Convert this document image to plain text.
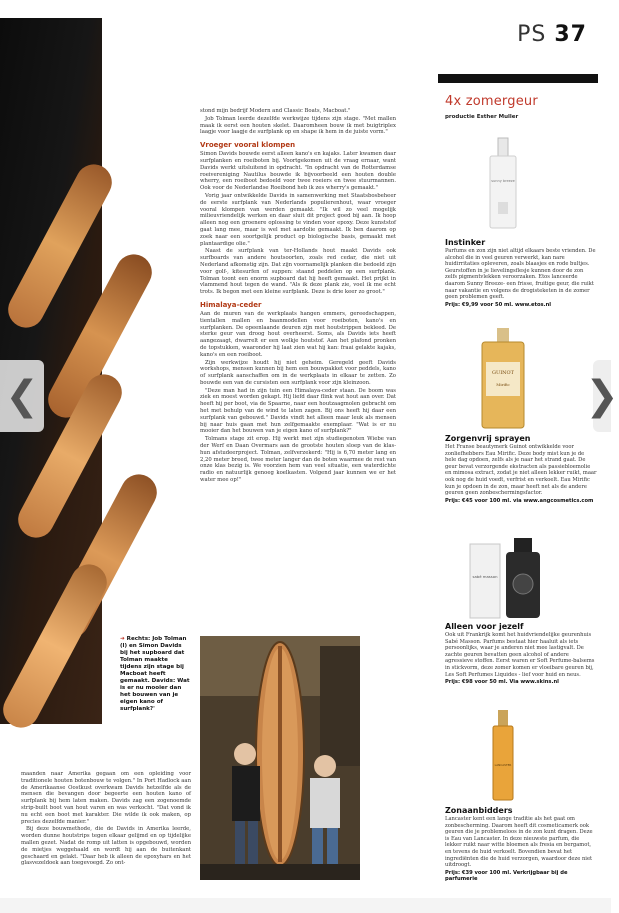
PS 37

stond mijn bedrijf Modern and Classic Boats, Macboat."

Job Tolman leerde dezelfde werkwijze tijdens zijn stage. "Met mallen maak ik eerst een houten skelet. Daaromheen bouw ik met buigtriplex laagje voor laagje de surfplank op en shape ik hem in de juiste vorm."

Vroeger vooral klompen

Simon Davids bouwde eerst alleen kano's en kajaks. Later kwamen daar surfplanken en roeiboten bij. Voortgekomen uit de vraag ernaar, want Davids werkt uitsluitend in opdracht. "In opdracht van de Rotterdamse roeivereniging Nautilus bouwde ik bijvoorbeeld een houten double wherry, een roeiboot bedoeld voor twee roeiers en twee stuurmannen. Ook voor de Nederlandse Roeibond heb ik zes wherry's gemaakt."

Vorig jaar ontwikkelde Davids in samenwerking met Staatsbosbeheer de eerste surfplank van Nederlands populierenhout, waar vroeger vooral klompen van werden gemaakt. "Ik wil zo veel mogelijk milieuvriendelijk werken en daar sluit dit project goed bij aan. Ik hoop alleen nog een groenere oplossing te vinden voor epoxy. Deze kunststof gaat lang mee, maar is wel met aardolie gemaakt. Ik ben daarom op zoek naar een soortgelijk product op biologische basis, gemaakt met plantaardige olie."

Naast de surfplank van ter-Hollands hout maakt Davids ook surfboards van andere houtsoorten, zoals red cedar, die niet uit Nederland afkomstig zijn. Dat zijn voornamelijk planken die bedoeld zijn voor golf-, kitesurfen of suppen: staand peddelen op een surfplank. Tolman toont een enorm supboard dat hij heeft gemaakt. Het prijkt in vlammend hout tegen de wand. "Als ik deze plank zie, voel ik me echt trots. Ik begon met een kleine surfplank. Deze is drie keer zo groot."

Himalaya-ceder

Aan de muren van de werkplaats hangen emmers, gereedschappen, tientallen mallen en baanmodellen voor roeiboten, kano's en surfplanken. De opeenlaande deuren zijn met houtstrippen bekleed. De sterke geur van droog hout overheerst. Soms, als Davids iets heeft aangezaagt, dwarrelt er een wolkje houtstof. Aan het plafond pronken de topstukken, waaronder hij laat zien wat hij kan: fraai gelakte kajaks, kano's en een roeiboot.

Zijn werkwijze houdt hij niet geheim. Geregeld geeft Davids workshops, mensen kunnen bij hem een bouwpakket voor peddels, kano of surfplank aanschaffen om in de werkplaats in elkaar te zetten. Zo bouwde een van de cursisten een surfplank voor zijn kleinzoon.

"Deze man had in zijn tuin een Himalaya-ceder staan. De boom was ziek en moest worden gekapt. Hij liefd daar flink wat hout aan over. Dat heeft hij per boot, via de Spaarne, naar een houtzaagmolen gebracht om het met behulp van de wind te laten zagen. Bij ons heeft hij daar een surfplank van gebouwd." Davids vindt het alleen maar leuk als mensen bij naar huis gaan met hun zelfgemaakte exemplaar. "Wat is er nu mooier dan het bouwen van je eigen kano of surfplank?"

Tolmans stage zit erop. Hij werkt met zijn studiegenoten Wiebe van der Werf en Daan Overmars aan de grootste houten sloep van de klas- hun afstudeerproject. Tolman, zelfverzekerd: "Hij is 6,70 meter lang en 2,20 meter breed, twee meter langer dan de boten waarmee de rest van onze klas bezig is. We voorzien hem van veel situatie, een waterdichte radio en natuurlijk genoeg koelkasten. Volgend jaar kunnen we er het water mee op!"

➜ Rechts: Job Tolman (l) en Simon Davids bij het supboard dat Tolman maakte tijdens zijn stage bij Macboat heeft gemaakt. Davids: Wat is er nu mooier dan het bouwen van je eigen kano of surfplank?'

maanden naar Amerika gegaan om een opleiding voor traditionele houten botenbouw te volgen." In Port Hadlock aan de Amerikaanse Oostkust overkwam Davids hetzelfde als de mensen die bevangen door begeerte een houten kano of surfplank bij hem laten maken. Davids zag een zogenoemde strip-built boot van hout varen en was verkocht. "Dat vond ik nu echt een boot met karakter. Die wilde ik ook maken, op precies dezelfde manier."

Bij deze bouwmethode, die de Davids in Amerika leerde, worden dunne houtstrips tegen elkaar gelijmd en op tijdelijke mallen gezet. Nadat de romp uit latten is opgebouwd, worden de mietjes weggehaald en wordt hij aan de buitenkant geschaard en gelakt. "Daar heb ik alleen de epoxyhars en het glasvezeldoek aan toegevoegd. Zo ont-

4x zomergeur
productie Esther Muller
sunny breeze
Instinker

Parfums en zon zijn niet altijd elkaars beste vrienden. De alcohol die in veel geuren verwerkt, kan nare huidirritaties opleveren, zoals blaasjes en rode bultjes. Geurstoffen in je lievelingsflesje kunnen door de zon zelfs pigmentvlekken veroorzaken. Etos lanceerde daarom Sunny Breeze- een frisse, fruitige geur, die ruikt naar vakantie en volgens de drogisteketen in de zomer geen problemen geeft.

Prijs: €9,99 voor 50 ml. www.etos.nl
GUINOT
Mirific
Zorgenvrij sprayen

Het Franse beautymerk Guinot ontwikkelde voor zonliefhebbers Eau Mirific. Deze body mist kun je de hele dag opdoen, zelfs als je naar het strand gaat. De geur bevat verzorgende ekstracten als passiebloemolie en mimosa extract, zodat je niet alleen lekker ruikt, maar ook nog de huid voedt, verfrist en verkoelt. Eau Mirific kun je opdoen in de zon, maar heeft net als de andere geuren geen zonbeschermingsfactor.

Prijs: €45 voor 100 ml. via www.angcosmetics.com
sabé masson
Alleen voor jezelf

Ook uit Frankrijk komt het huidvriendelijke geurenhuis Sabé Masson. Parfums bestaat hier haaluit als iets persoonlijks, waar je anderen niet mee lastigvalt. De zachte geuren bevatten geen alcohol of andere agressieve stoffen. Eerst waren er Soft Perfume-balsems in stickvorm, deze zomer komen er vloeibare geuren bij, Les Soft Perfumes Liquides - lief voor huid en neus.

Prijs: €98 voor 50 ml. Via www.skins.nl
LANCASTER
Zonaanbidders

Lancaster kent een lange traditie als het gaat om zonbescherming. Daarom heeft dit cosmeticamerk ook geuren die je problemeloos in de zon kunt dragen. Deze is Eau van Lancaster. In deze nieuwste parfum, die lekker ruikt naar witte bloemen als fresia en bergamot, en tevens de huid verkoelt. Bovendien bevat het ingrediënten die de huid verzorgen, waardoor deze niet uitdroogt.

Prijs: €39 voor 100 ml. Verkrijgbaar bij de parfumerie
❮	❯
